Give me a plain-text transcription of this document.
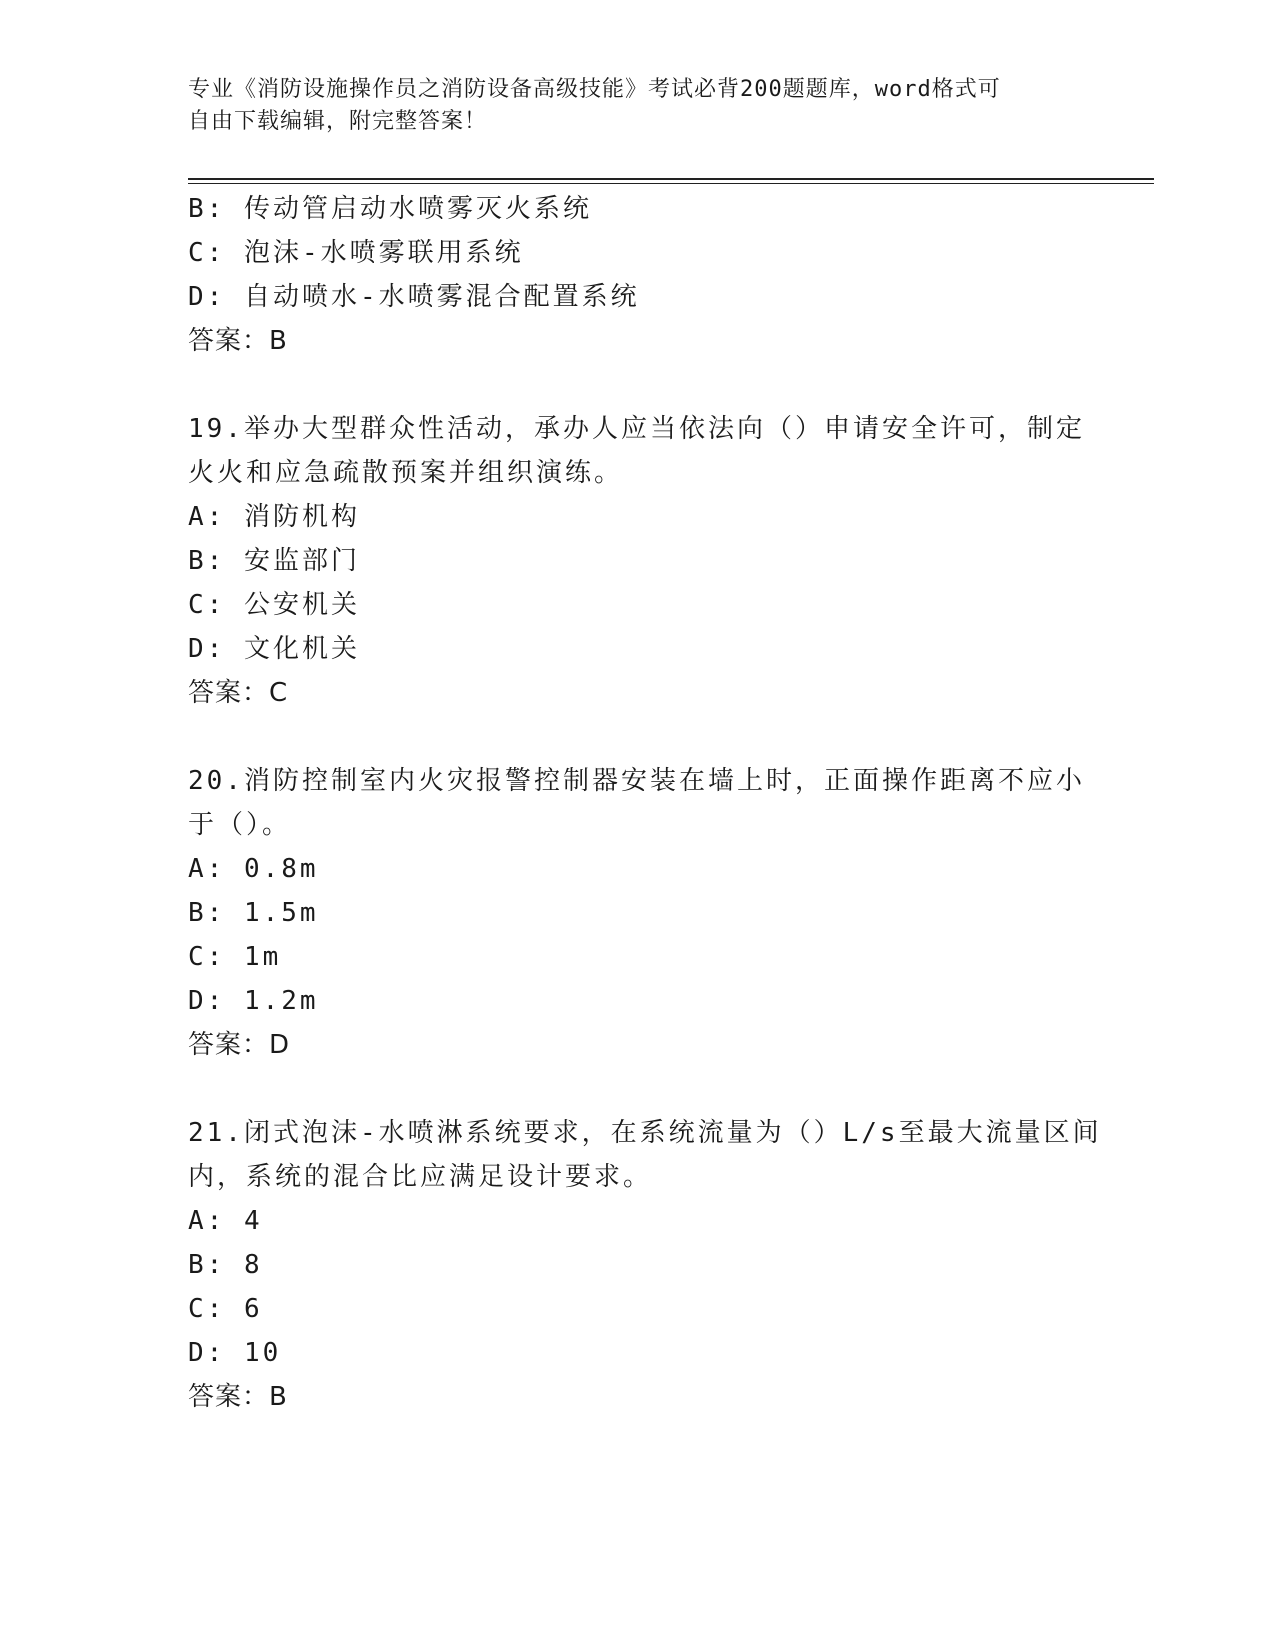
专业《消防设施操作员之消防设备高级技能》考试必背200题题库，word格式可
自由下载编辑，附完整答案！
B: 传动管启动水喷雾灭火系统
C: 泡沫-水喷雾联用系统
D: 自动喷水-水喷雾混合配置系统
答案：B
19.举办大型群众性活动，承办人应当依法向（）申请安全许可，制定
火火和应急疏散预案并组织演练。
A: 消防机构
B: 安监部门
C: 公安机关
D: 文化机关
答案：C
20.消防控制室内火灾报警控制器安装在墙上时，正面操作距离不应小
于（）。
A: 0.8m
B: 1.5m
C: 1m
D: 1.2m
答案：D
21.闭式泡沫-水喷淋系统要求，在系统流量为（）L/s至最大流量区间
内，系统的混合比应满足设计要求。
A: 4
B: 8
C: 6
D: 10
答案：B
